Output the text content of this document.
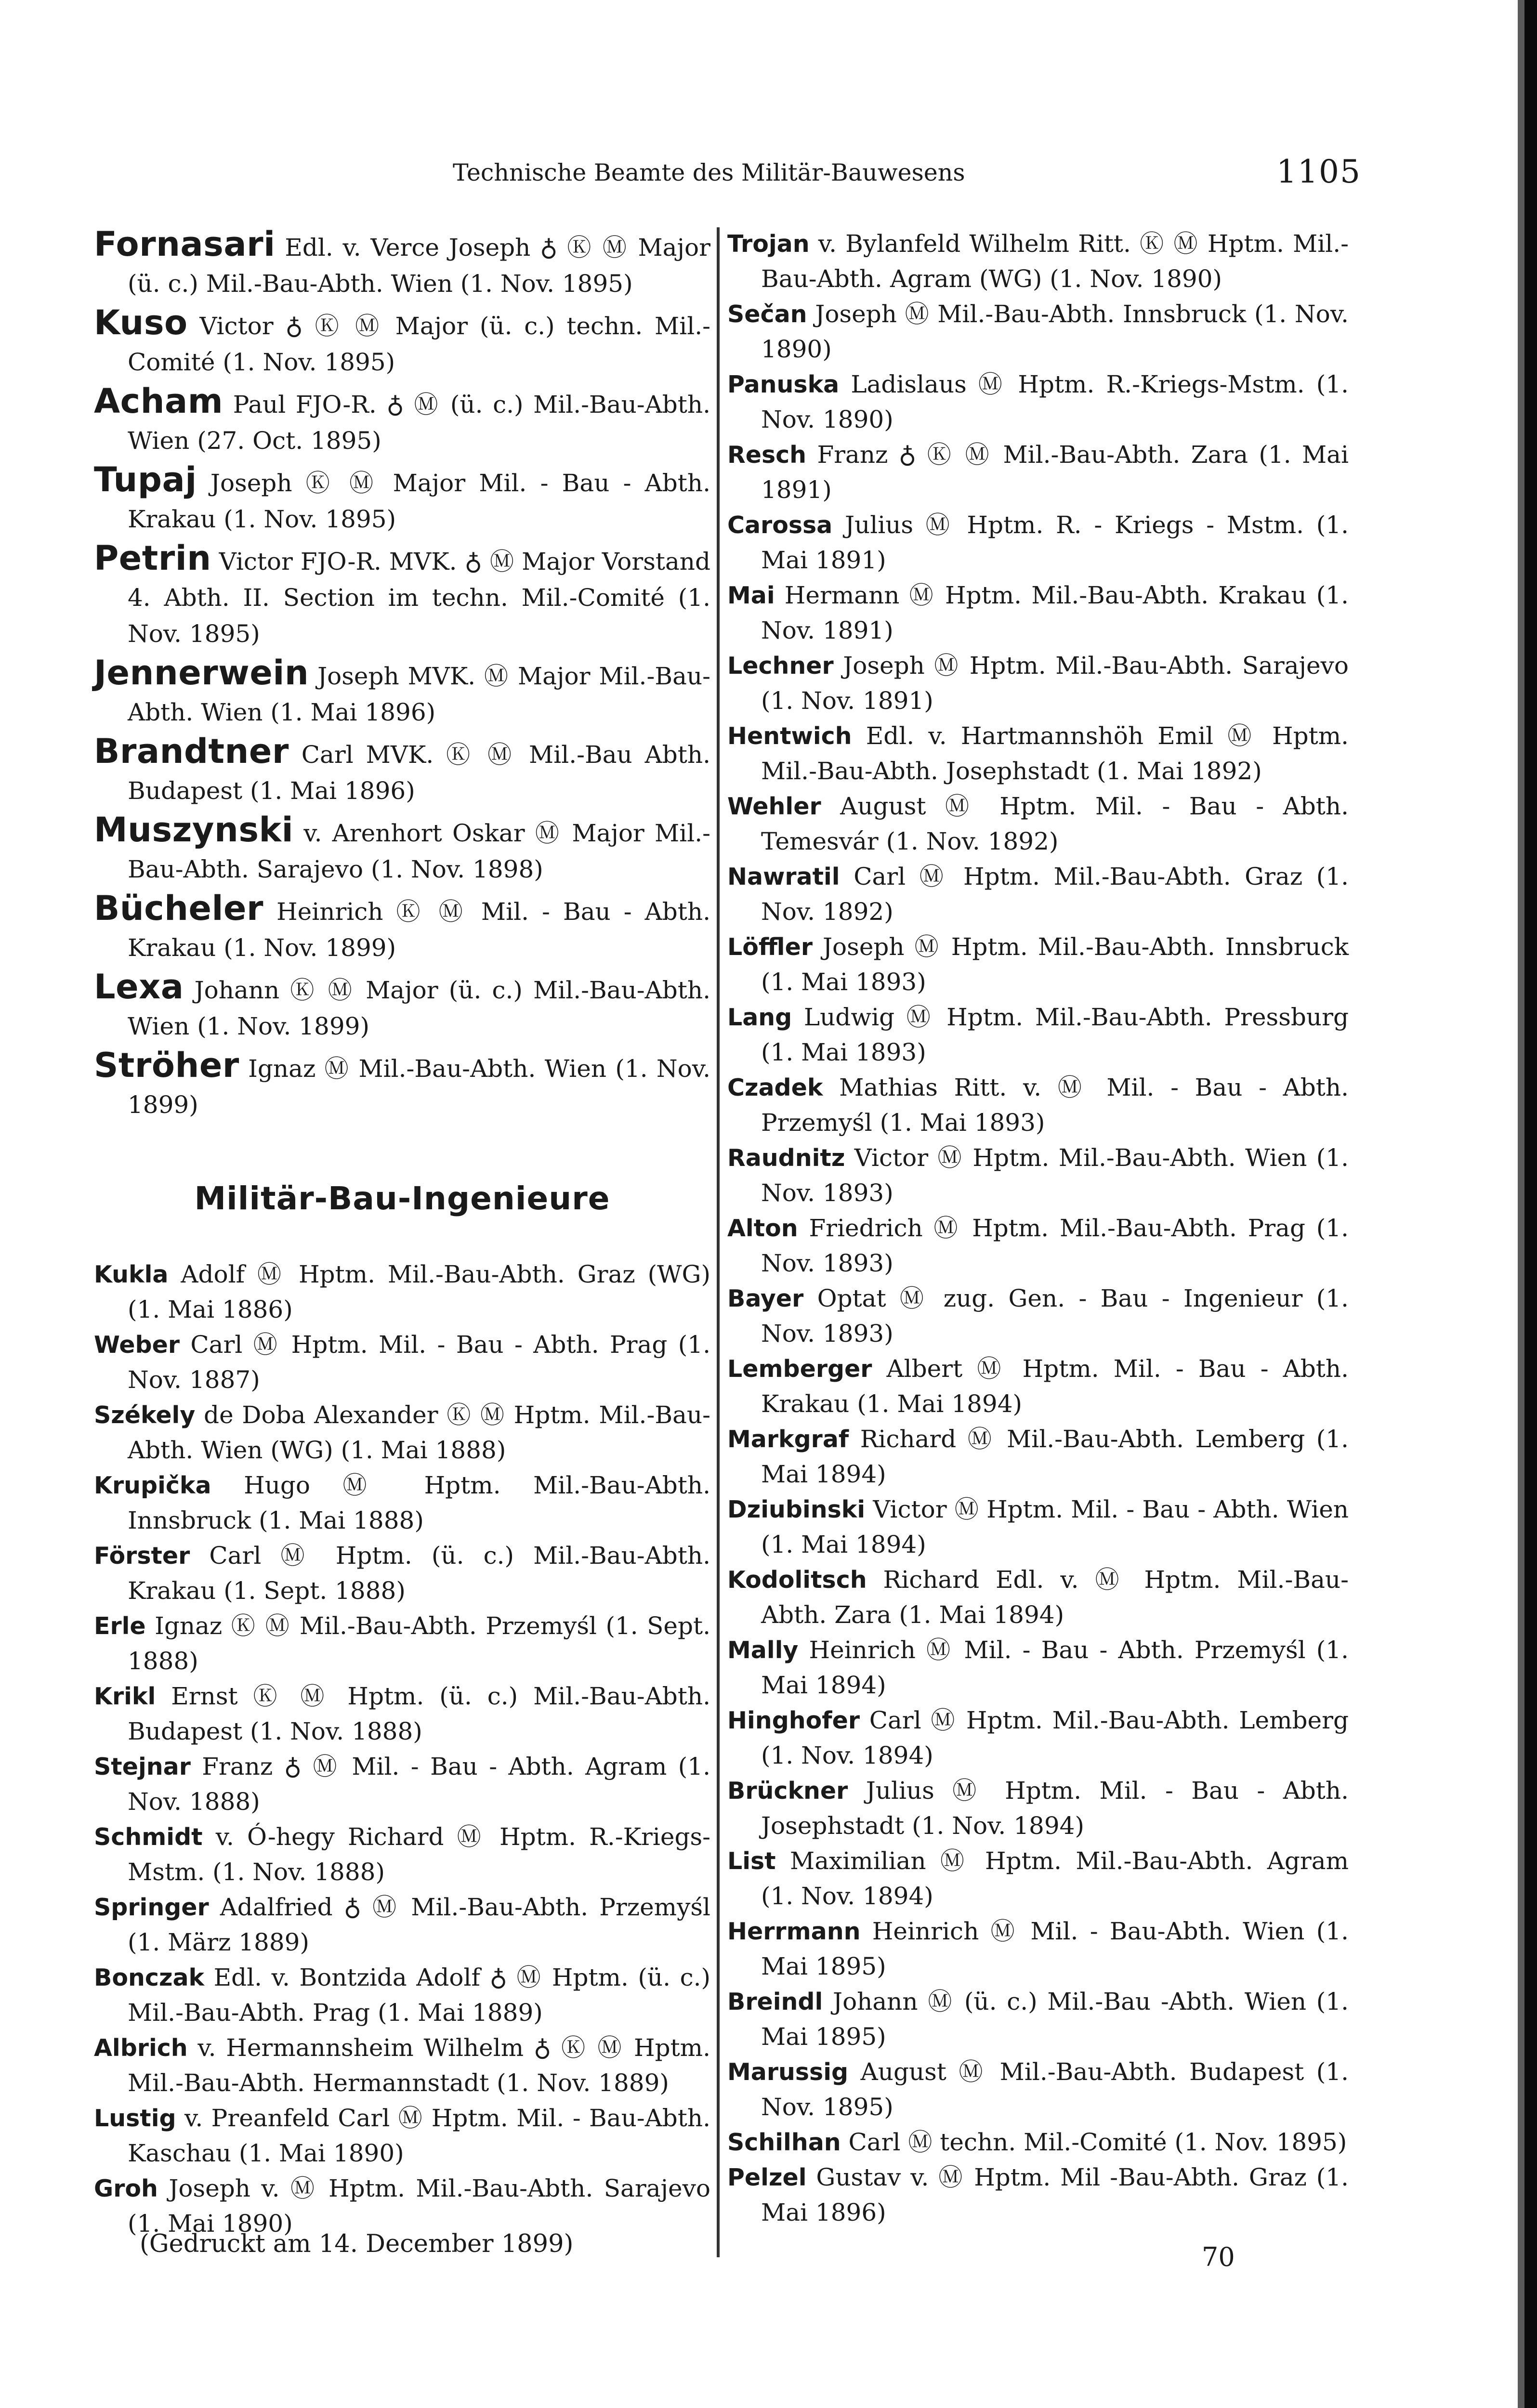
Technische Beamte des Militär-Bauwesens	1105
Fornasari Edl. v. Verce Joseph ♁ Ⓚ Ⓜ Major (ü. c.) Mil.-Bau-Abth. Wien (1. Nov. 1895)
Kuso Victor ♁ Ⓚ Ⓜ Major (ü. c.) techn. Mil.-Comité (1. Nov. 1895)
Acham Paul FJO-R. ♁ Ⓜ (ü. c.) Mil.-Bau-Abth. Wien (27. Oct. 1895)
Tupaj Joseph Ⓚ Ⓜ Major Mil. - Bau - Abth. Krakau (1. Nov. 1895)
Petrin Victor FJO-R. MVK. ♁ Ⓜ Major Vorstand 4. Abth. II. Section im techn. Mil.-Comité (1. Nov. 1895)
Jennerwein Joseph MVK. Ⓜ Major Mil.-Bau-Abth. Wien (1. Mai 1896)
Brandtner Carl MVK. Ⓚ Ⓜ Mil.-Bau Abth. Budapest (1. Mai 1896)
Muszynski v. Arenhort Oskar Ⓜ Major Mil.-Bau-Abth. Sarajevo (1. Nov. 1898)
Bücheler Heinrich Ⓚ Ⓜ Mil. - Bau - Abth. Krakau (1. Nov. 1899)
Lexa Johann Ⓚ Ⓜ Major (ü. c.) Mil.-Bau-Abth. Wien (1. Nov. 1899)
Ströher Ignaz Ⓜ Mil.-Bau-Abth. Wien (1. Nov. 1899)
Militär-Bau-Ingenieure
Kukla Adolf Ⓜ Hptm. Mil.-Bau-Abth. Graz (WG) (1. Mai 1886)
Weber Carl Ⓜ Hptm. Mil. - Bau - Abth. Prag (1. Nov. 1887)
Székely de Doba Alexander Ⓚ Ⓜ Hptm. Mil.-Bau-Abth. Wien (WG) (1. Mai 1888)
Krupička Hugo Ⓜ Hptm. Mil.-Bau-Abth. Innsbruck (1. Mai 1888)
Förster Carl Ⓜ Hptm. (ü. c.) Mil.-Bau-Abth. Krakau (1. Sept. 1888)
Erle Ignaz Ⓚ Ⓜ Mil.-Bau-Abth. Przemyśl (1. Sept. 1888)
Krikl Ernst Ⓚ Ⓜ Hptm. (ü. c.) Mil.-Bau-Abth. Budapest (1. Nov. 1888)
Stejnar Franz ♁ Ⓜ Mil. - Bau - Abth. Agram (1. Nov. 1888)
Schmidt v. Ó-hegy Richard Ⓜ Hptm. R.-Kriegs-Mstm. (1. Nov. 1888)
Springer Adalfried ♁ Ⓜ Mil.-Bau-Abth. Przemyśl (1. März 1889)
Bonczak Edl. v. Bontzida Adolf ♁ Ⓜ Hptm. (ü. c.) Mil.-Bau-Abth. Prag (1. Mai 1889)
Albrich v. Hermannsheim Wilhelm ♁ Ⓚ Ⓜ Hptm. Mil.-Bau-Abth. Hermannstadt (1. Nov. 1889)
Lustig v. Preanfeld Carl Ⓜ Hptm. Mil. - Bau-Abth. Kaschau (1. Mai 1890)
Groh Joseph v. Ⓜ Hptm. Mil.-Bau-Abth. Sarajevo (1. Mai 1890)
Trojan v. Bylanfeld Wilhelm Ritt. Ⓚ Ⓜ Hptm. Mil.-Bau-Abth. Agram (WG) (1. Nov. 1890)
Sečan Joseph Ⓜ Mil.-Bau-Abth. Innsbruck (1. Nov. 1890)
Panuska Ladislaus Ⓜ Hptm. R.-Kriegs-Mstm. (1. Nov. 1890)
Resch Franz ♁ Ⓚ Ⓜ Mil.-Bau-Abth. Zara (1. Mai 1891)
Carossa Julius Ⓜ Hptm. R. - Kriegs - Mstm. (1. Mai 1891)
Mai Hermann Ⓜ Hptm. Mil.-Bau-Abth. Krakau (1. Nov. 1891)
Lechner Joseph Ⓜ Hptm. Mil.-Bau-Abth. Sarajevo (1. Nov. 1891)
Hentwich Edl. v. Hartmannshöh Emil Ⓜ Hptm. Mil.-Bau-Abth. Josephstadt (1. Mai 1892)
Wehler August Ⓜ Hptm. Mil. - Bau - Abth. Temesvár (1. Nov. 1892)
Nawratil Carl Ⓜ Hptm. Mil.-Bau-Abth. Graz (1. Nov. 1892)
Löffler Joseph Ⓜ Hptm. Mil.-Bau-Abth. Innsbruck (1. Mai 1893)
Lang Ludwig Ⓜ Hptm. Mil.-Bau-Abth. Pressburg (1. Mai 1893)
Czadek Mathias Ritt. v. Ⓜ Mil. - Bau - Abth. Przemyśl (1. Mai 1893)
Raudnitz Victor Ⓜ Hptm. Mil.-Bau-Abth. Wien (1. Nov. 1893)
Alton Friedrich Ⓜ Hptm. Mil.-Bau-Abth. Prag (1. Nov. 1893)
Bayer Optat Ⓜ zug. Gen. - Bau - Ingenieur (1. Nov. 1893)
Lemberger Albert Ⓜ Hptm. Mil. - Bau - Abth. Krakau (1. Mai 1894)
Markgraf Richard Ⓜ Mil.-Bau-Abth. Lemberg (1. Mai 1894)
Dziubinski Victor Ⓜ Hptm. Mil. - Bau - Abth. Wien (1. Mai 1894)
Kodolitsch Richard Edl. v. Ⓜ Hptm. Mil.-Bau-Abth. Zara (1. Mai 1894)
Mally Heinrich Ⓜ Mil. - Bau - Abth. Przemyśl (1. Mai 1894)
Hinghofer Carl Ⓜ Hptm. Mil.-Bau-Abth. Lemberg (1. Nov. 1894)
Brückner Julius Ⓜ Hptm. Mil. - Bau - Abth. Josephstadt (1. Nov. 1894)
List Maximilian Ⓜ Hptm. Mil.-Bau-Abth. Agram (1. Nov. 1894)
Herrmann Heinrich Ⓜ Mil. - Bau-Abth. Wien (1. Mai 1895)
Breindl Johann Ⓜ (ü. c.) Mil.-Bau -Abth. Wien (1. Mai 1895)
Marussig August Ⓜ Mil.-Bau-Abth. Budapest (1. Nov. 1895)
Schilhan Carl Ⓜ techn. Mil.-Comité (1. Nov. 1895)
Pelzel Gustav v. Ⓜ Hptm. Mil -Bau-Abth. Graz (1. Mai 1896)
(Gedruckt am 14. December 1899)	70
